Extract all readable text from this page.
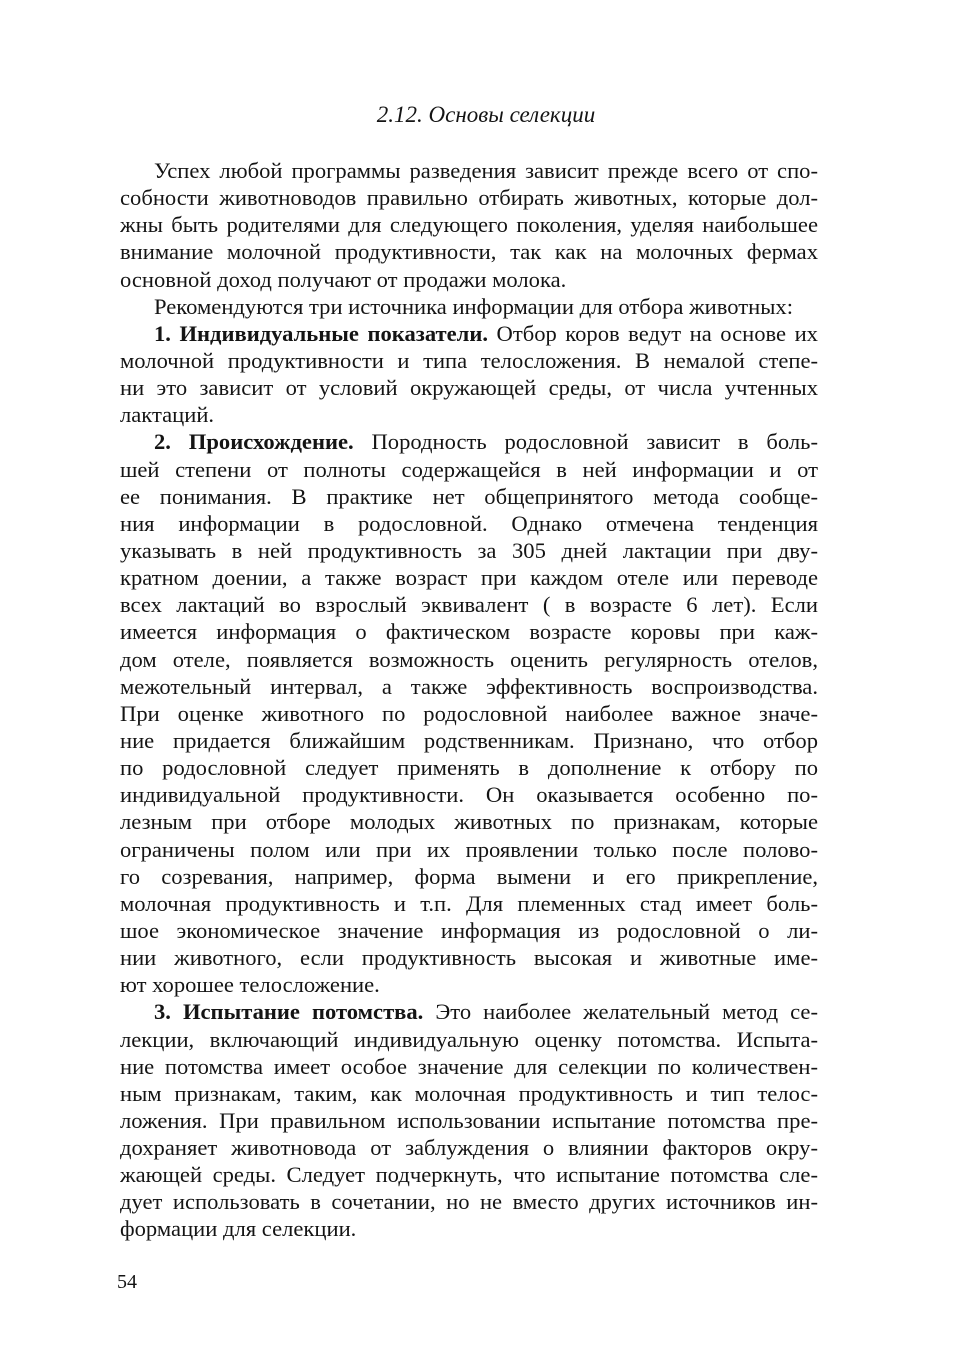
2.12. Основы селекции
Успех любой программы разведения зависит прежде всего от спо-
собности животноводов правильно отбирать животных, которые дол-
жны быть родителями для следующего поколения, уделяя наибольшее
внимание молочной продуктивности, так как на молочных фермах
основной доход получают от продажи молока.
Рекомендуются три источника информации для отбора животных:
1. Индивидуальные показатели. Отбор коров ведут на основе их
молочной продуктивности и типа телосложения. В немалой степе-
ни это зависит от условий окружающей среды, от числа учтенных
лактаций.
2. Происхождение. Породность родословной зависит в боль-
шей степени от полноты содержащейся в ней информации и от
ее понимания. В практике нет общепринятого метода сообще-
ния информации в родословной. Однако отмечена тенденция
указывать в ней продуктивность за 305 дней лактации при дву-
кратном доении, а также возраст при каждом отеле или переводе
всех лактаций во взрослый эквивалент ( в возрасте 6 лет). Если
имеется информация о фактическом возрасте коровы при каж-
дом отеле, появляется возможность оценить регулярность отелов,
межотельный интервал, а также эффективность воспроизводства.
При оценке животного по родословной наиболее важное значе-
ние придается ближайшим родственникам. Признано, что отбор
по родословной следует применять в дополнение к отбору по
индивидуальной продуктивности. Он оказывается особенно по-
лезным при отборе молодых животных по признакам, которые
ограничены полом или при их проявлении только после полово-
го созревания, например, форма вымени и его прикрепление,
молочная продуктивность и т.п. Для племенных стад имеет боль-
шое экономическое значение информация из родословной о ли-
нии животного, если продуктивность высокая и животные име-
ют хорошее телосложение.
3. Испытание потомства. Это наиболее желательный метод се-
лекции, включающий индивидуальную оценку потомства. Испыта-
ние потомства имеет особое значение для селекции по количествен-
ным признакам, таким, как молочная продуктивность и тип телос-
ложения. При правильном использовании испытание потомства пре-
дохраняет животновода от заблуждения о влиянии факторов окру-
жающей среды. Следует подчеркнуть, что испытание потомства сле-
дует использовать в сочетании, но не вместо других источников ин-
формации для селекции.
54
